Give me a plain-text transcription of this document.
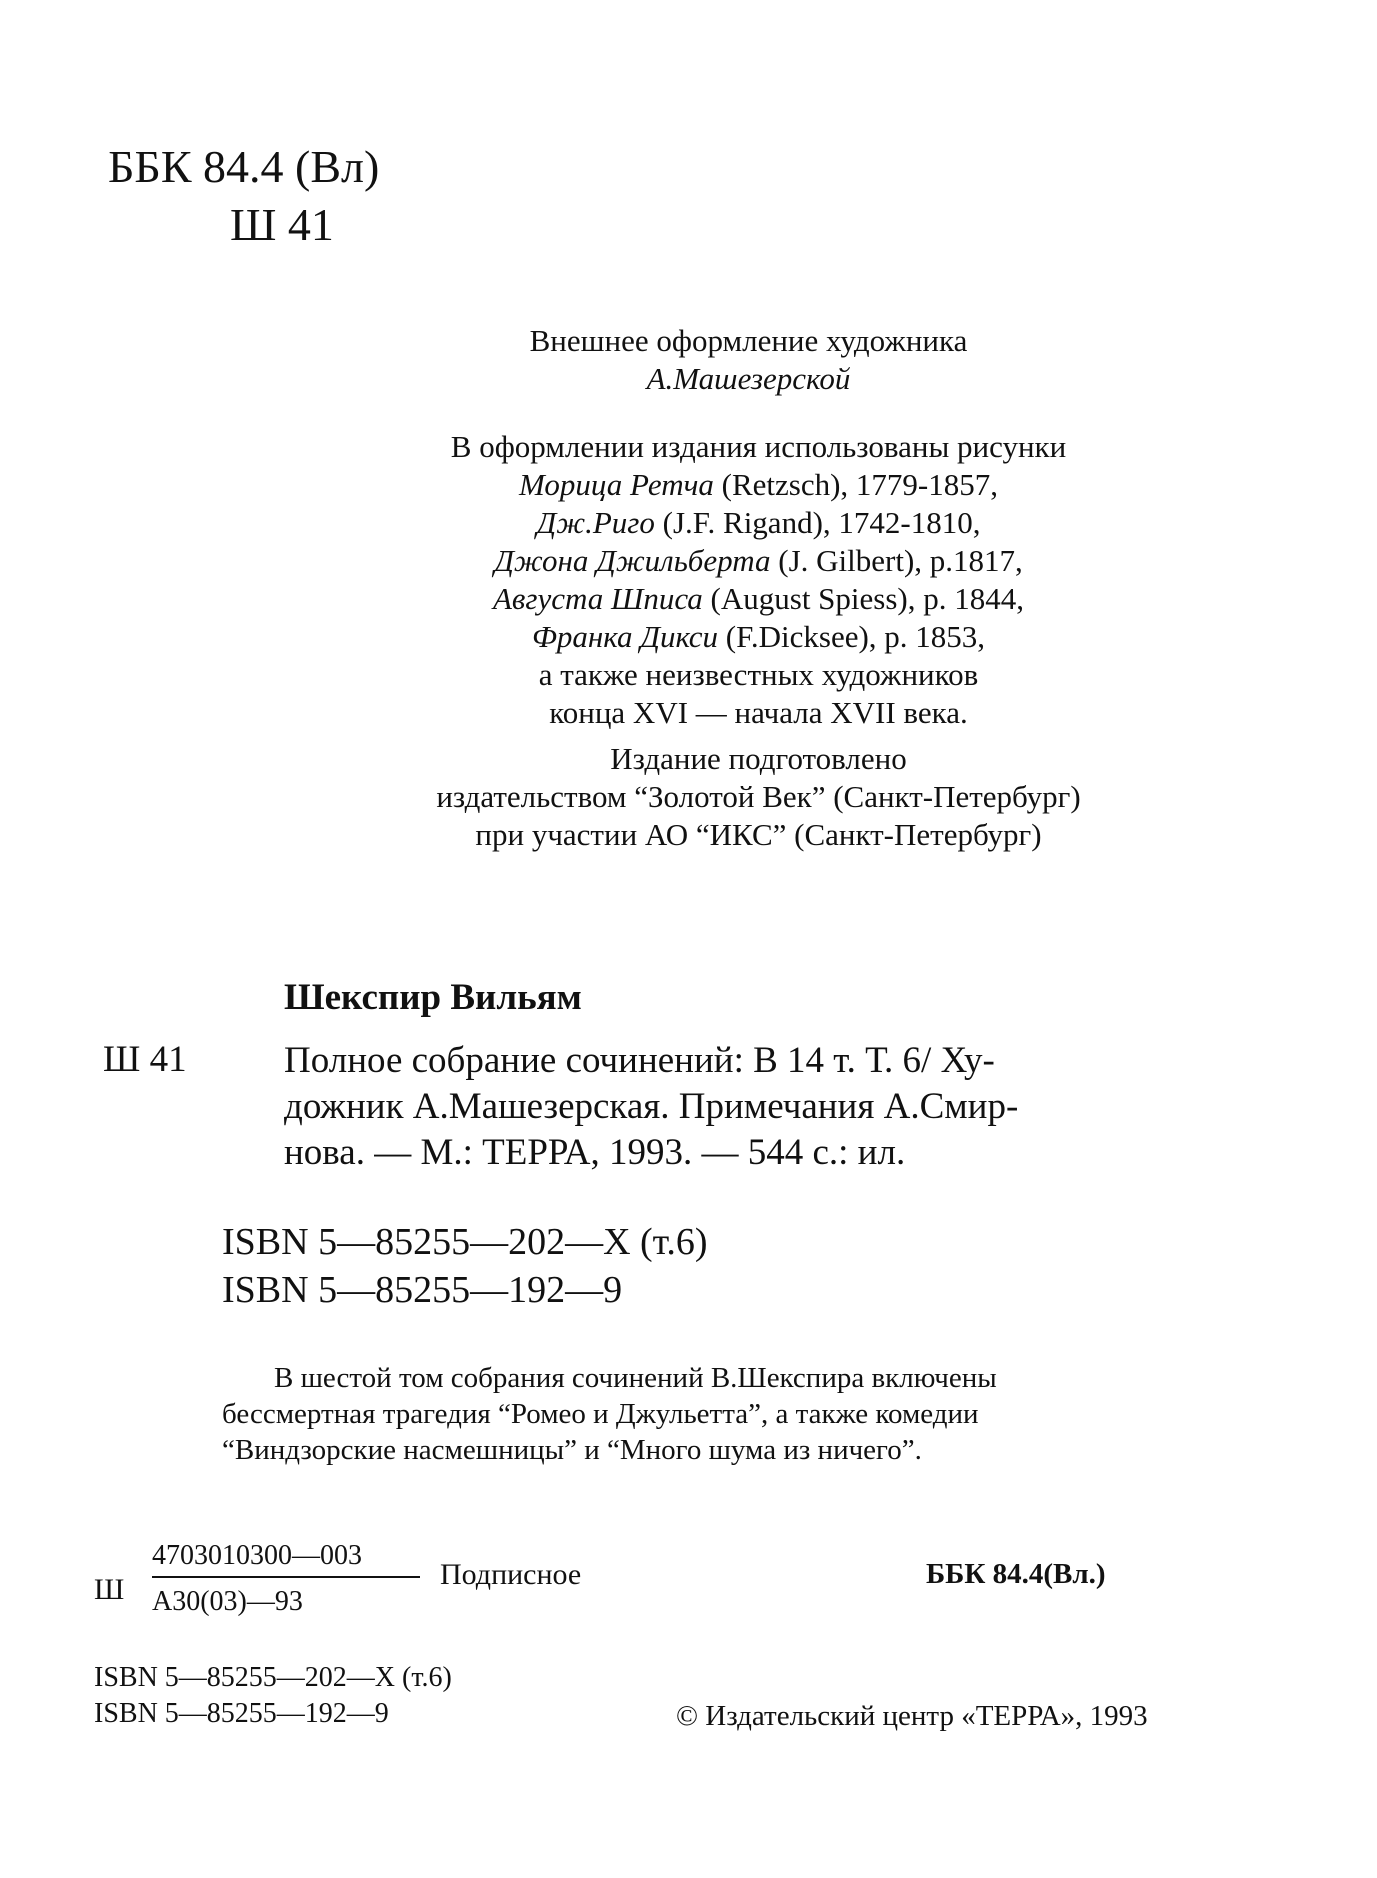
ББК 84.4 (Вл)
Ш 41
Внешнее оформление художника
А.Машезерской
В оформлении издания использованы рисунки
Морица Ретча (Retzsch), 1779-1857,
Дж.Риго (J.F. Rigand), 1742-1810,
Джона Джильберта (J. Gilbert), р.1817,
Августа Шписа (August Spiess), р. 1844,
Франка Дикси (F.Dicksee), р. 1853,
а также неизвестных художников
конца XVI — начала XVII века.
Издание подготовлено
издательством “Золотой Век” (Санкт-Петербург)
при участии АО “ИКС” (Санкт-Петербург)
Шекспир Вильям
Ш 41	Полное собрание сочинений: В 14 т. Т. 6/ Ху-
дожник А.Машезерская. Примечания А.Смир-
нова. — М.: ТЕРРА, 1993. — 544 с.: ил.
ISBN 5—85255—202—X (т.6)
ISBN 5—85255—192—9
В шестой том собрания сочинений В.Шекспира включены
бессмертная трагедия “Ромео и Джульетта”, а также комедии
“Виндзорские насмешницы” и “Много шума из ничего”.
Ш
4703010300—003
А30(03)—93
Подписное	ББК 84.4(Вл.)
ISBN 5—85255—202—X (т.6)
ISBN 5—85255—192—9	© Издательский центр «ТЕРРА», 1993
